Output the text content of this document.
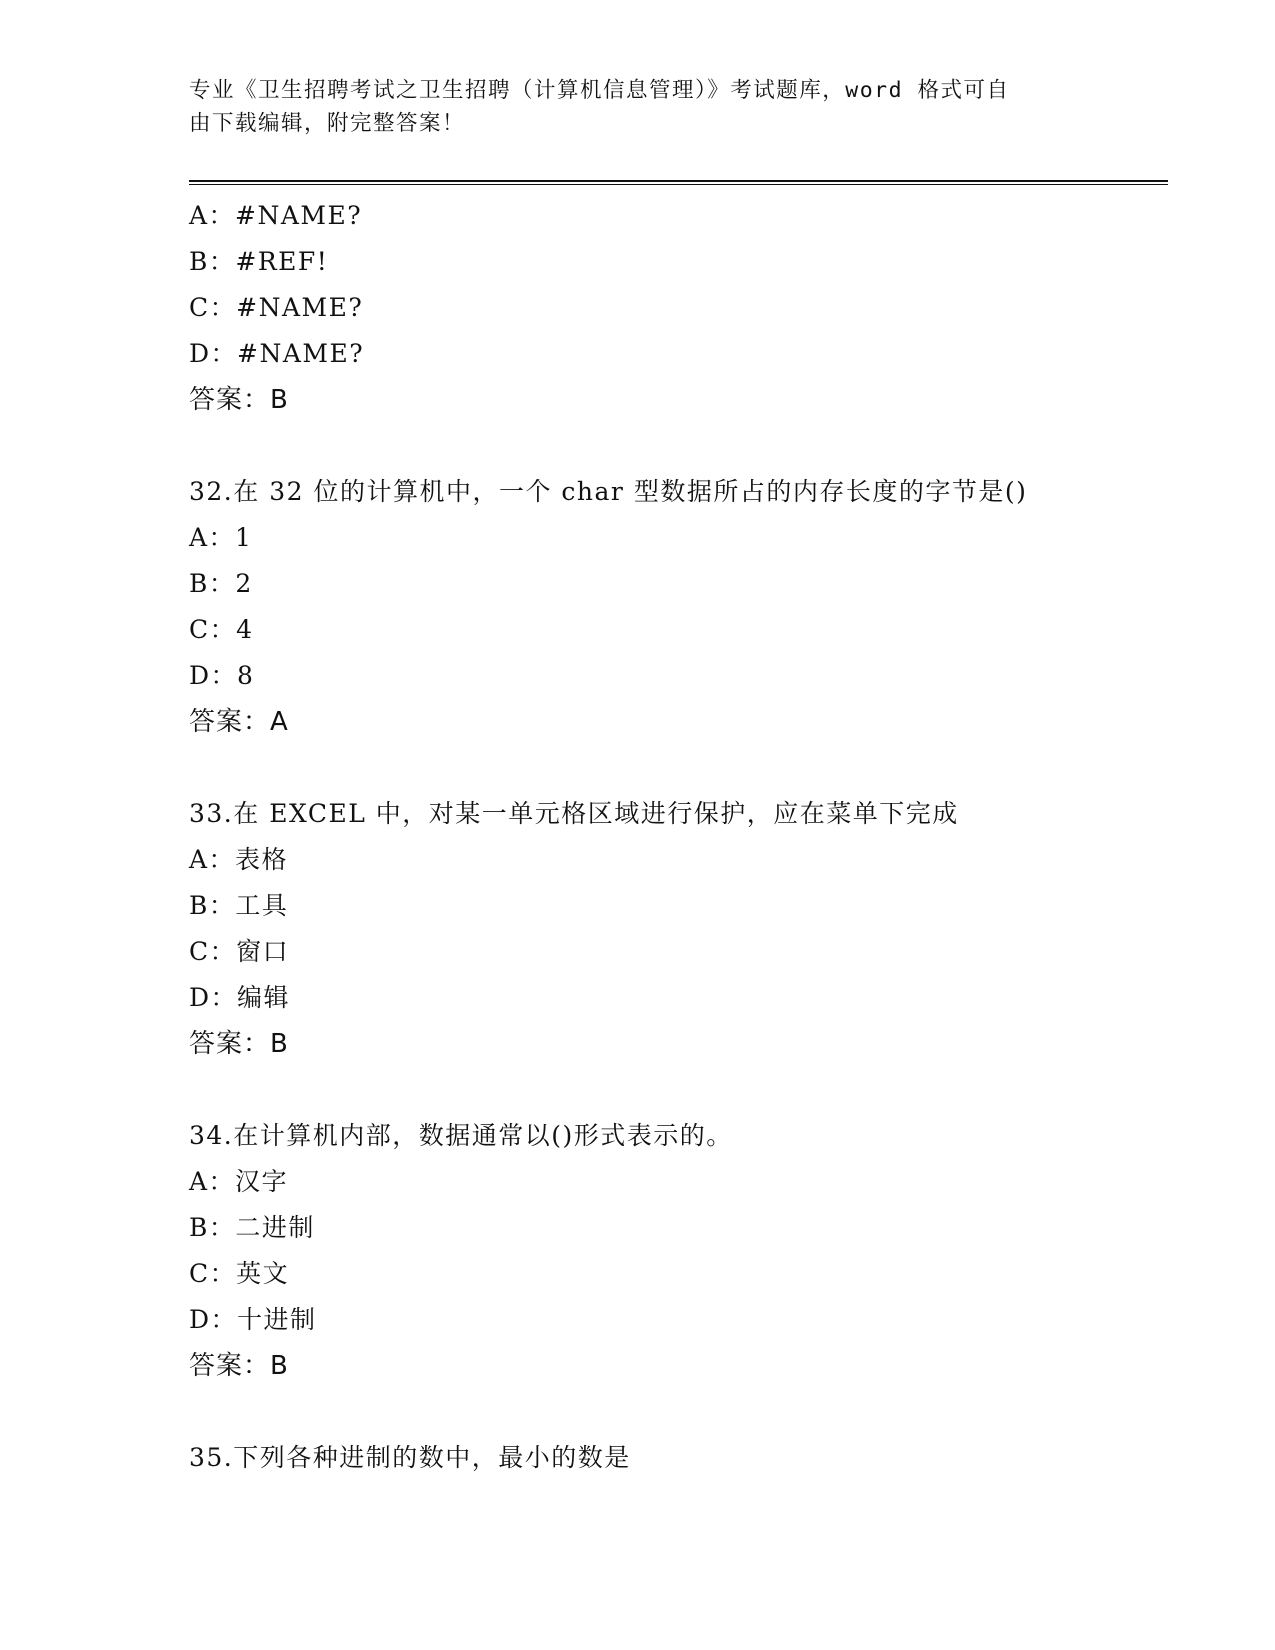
专业《卫生招聘考试之卫生招聘（计算机信息管理）》考试题库，word 格式可自
由下载编辑，附完整答案！
A：#NAME?
B：#REF!
C：#NAME?
D：#NAME?
答案：B
32.在 32 位的计算机中，一个 char 型数据所占的内存长度的字节是()
A：1
B：2
C：4
D：8
答案：A
33.在 EXCEL 中，对某一单元格区域进行保护，应在菜单下完成
A：表格
B：工具
C：窗口
D：编辑
答案：B
34.在计算机内部，数据通常以()形式表示的。
A：汉字
B：二进制
C：英文
D：十进制
答案：B
35.下列各种进制的数中，最小的数是
